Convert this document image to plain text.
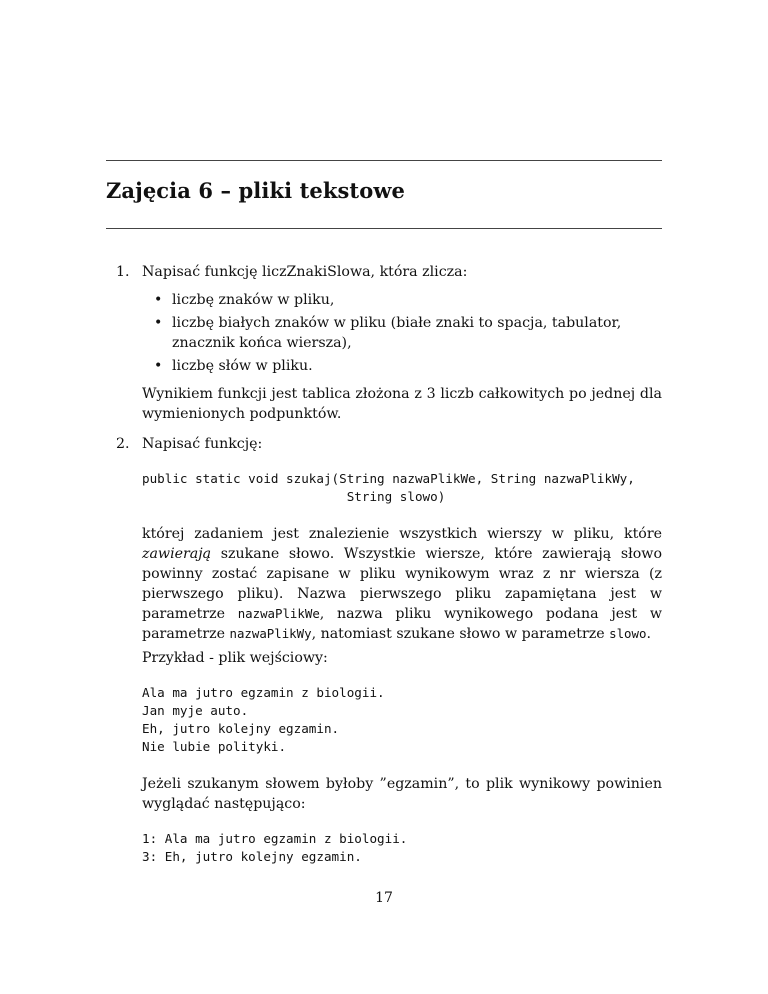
Zajęcia 6 – pliki tekstowe
1. Napisać funkcję liczZnakiSlowa, która zlicza:

• liczbę znaków w pliku,
• liczbę białych znaków w pliku (białe znaki to spacja, tabulator, znacznik końca wiersza),
• liczbę słów w pliku.

Wynikiem funkcji jest tablica złożona z 3 liczb całkowitych po jednej dla wymienionych podpunktów.

2. Napisać funkcję:

public static void szukaj(String nazwaPlikWe, String nazwaPlikWy,
String slowo)

której zadaniem jest znalezienie wszystkich wierszy w pliku, które zawierają szukane słowo. Wszystkie wiersze, które zawierają słowo powinny zostać zapisane w pliku wynikowym wraz z nr wiersza (z pierwszego pliku). Nazwa pierwszego pliku zapamiętana jest w parametrze nazwaPlikWe, nazwa pliku wynikowego podana jest w parametrze nazwaPlikWy, natomiast szukane słowo w parametrze slowo.

Przykład - plik wejściowy:

Ala ma jutro egzamin z biologii.
Jan myje auto.
Eh, jutro kolejny egzamin.
Nie lubie polityki.

Jeżeli szukanym słowem byłoby ”egzamin”, to plik wynikowy powinien wyglądać następująco:

1: Ala ma jutro egzamin z biologii.
3: Eh, jutro kolejny egzamin.
17
